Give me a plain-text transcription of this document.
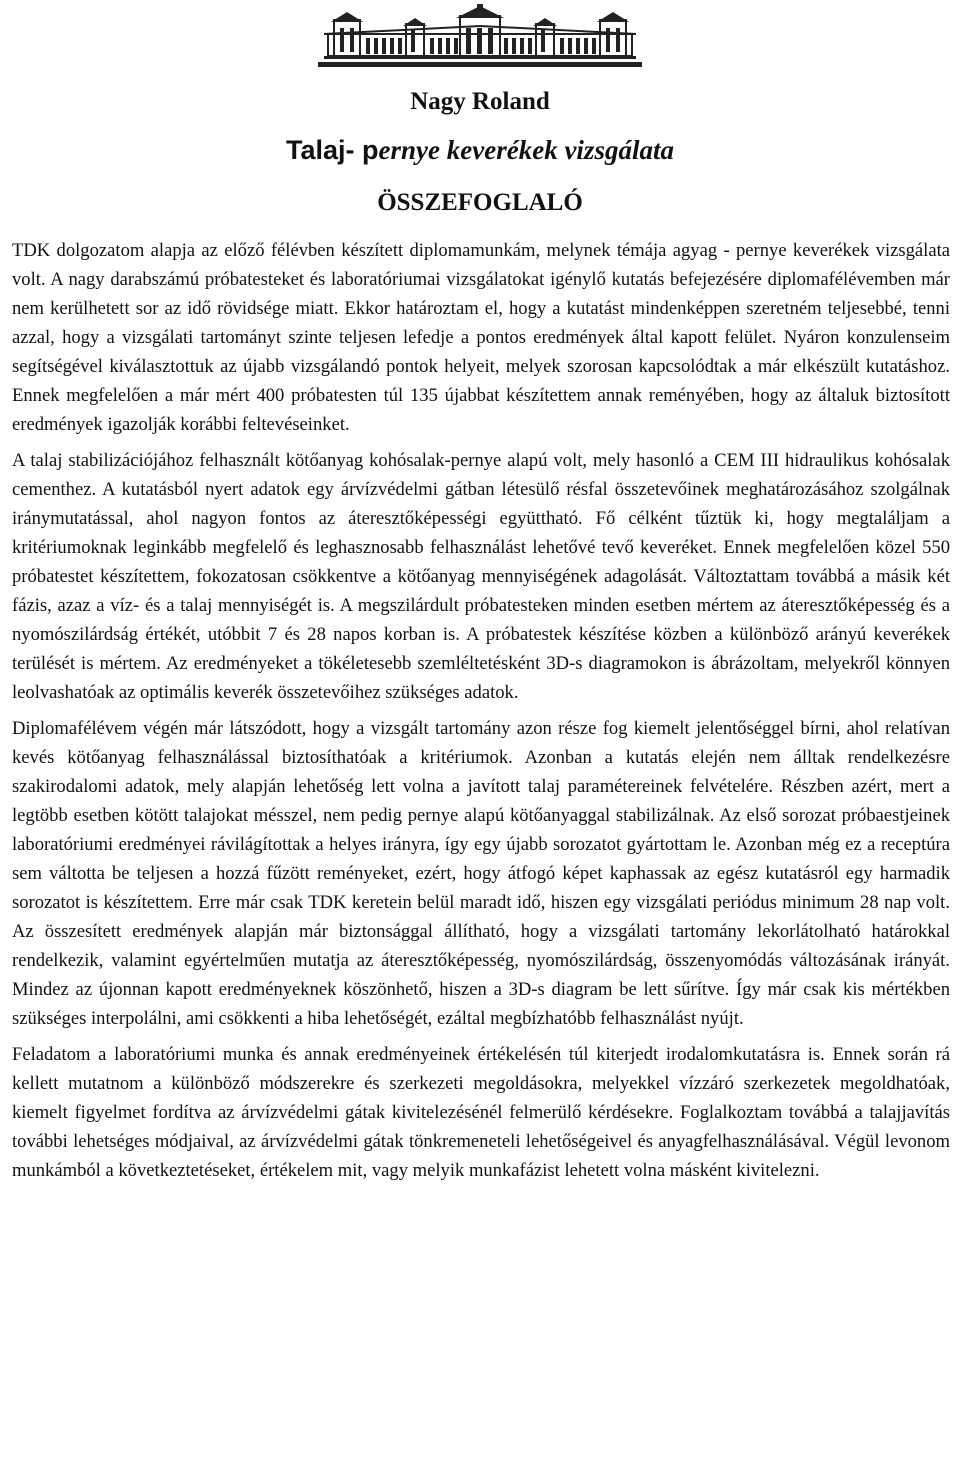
Nagy Roland
Talaj- pernye keverékek vizsgálata
ÖSSZEFOGLALÓ

TDK dolgozatom alapja az előző félévben készített diplomamunkám, melynek témája agyag - pernye keverékek vizsgálata volt. A nagy darabszámú próbatesteket és laboratóriumai vizsgálatokat igénylő kutatás befejezésére diplomafélévemben már nem kerülhetett sor az idő rövidsége miatt. Ekkor határoztam el, hogy a kutatást mindenképpen szeretném teljesebbé, tenni azzal, hogy a vizsgálati tartományt szinte teljesen lefedje a pontos eredmények által kapott felület. Nyáron konzulenseim segítségével kiválasztottuk az újabb vizsgálandó pontok helyeit, melyek szorosan kapcsolódtak a már elkészült kutatáshoz. Ennek megfelelően a már mért 400 próbatesten túl 135 újabbat készítettem annak reményében, hogy az általuk biztosított eredmények igazolják korábbi feltevéseinket.

A talaj stabilizációjához felhasznált kötőanyag kohósalak-pernye alapú volt, mely hasonló a CEM III hidraulikus kohósalak cementhez. A kutatásból nyert adatok egy árvízvédelmi gátban létesülő résfal összetevőinek meghatározásához szolgálnak iránymutatással, ahol nagyon fontos az áteresztőképességi együttható. Fő célként tűztük ki, hogy megtaláljam a kritériumoknak leginkább megfelelő és leghasznosabb felhasználást lehetővé tevő keveréket. Ennek megfelelően közel 550 próbatestet készítettem, fokozatosan csökkentve a kötőanyag mennyiségének adagolását. Változtattam továbbá a másik két fázis, azaz a víz- és a talaj mennyiségét is. A megszilárdult próbatesteken minden esetben mértem az áteresztőképesség és a nyomószilárdság értékét, utóbbit 7 és 28 napos korban is. A próbatestek készítése közben a különböző arányú keverékek terülését is mértem. Az eredményeket a tökéletesebb szemléltetésként 3D-s diagramokon is ábrázoltam, melyekről könnyen leolvashatóak az optimális keverék összetevőihez szükséges adatok.

Diplomafélévem végén már látszódott, hogy a vizsgált tartomány azon része fog kiemelt jelentőséggel bírni, ahol relatívan kevés kötőanyag felhasználással biztosíthatóak a kritériumok. Azonban a kutatás elején nem álltak rendelkezésre szakirodalomi adatok, mely alapján lehetőség lett volna a javított talaj paramétereinek felvételére. Részben azért, mert a legtöbb esetben kötött talajokat mésszel, nem pedig pernye alapú kötőanyaggal stabilizálnak. Az első sorozat próbaestjeinek laboratóriumi eredményei rávilágítottak a helyes irányra, így egy újabb sorozatot gyártottam le. Azonban még ez a receptúra sem váltotta be teljesen a hozzá fűzött reményeket, ezért, hogy átfogó képet kaphassak az egész kutatásról egy harmadik sorozatot is készítettem. Erre már csak TDK keretein belül maradt idő, hiszen egy vizsgálati periódus minimum 28 nap volt. Az összesített eredmények alapján már biztonsággal állítható, hogy a vizsgálati tartomány lekorlátolható határokkal rendelkezik, valamint egyértelműen mutatja az áteresztőképesség, nyomószilárdság, összenyomódás változásának irányát. Mindez az újonnan kapott eredményeknek köszönhető, hiszen a 3D-s diagram be lett sűrítve. Így már csak kis mértékben szükséges interpolálni, ami csökkenti a hiba lehetőségét, ezáltal megbízhatóbb felhasználást nyújt.

Feladatom a laboratóriumi munka és annak eredményeinek értékelésén túl kiterjedt irodalomkutatásra is. Ennek során rá kellett mutatnom a különböző módszerekre és szerkezeti megoldásokra, melyekkel vízzáró szerkezetek megoldhatóak, kiemelt figyelmet fordítva az árvízvédelmi gátak kivitelezésénél felmerülő kérdésekre. Foglalkoztam továbbá a talajjavítás további lehetséges módjaival, az árvízvédelmi gátak tönkremeneteli lehetőségeivel és anyagfelhasználásával. Végül levonom munkámból a következtetéseket, értékelem mit, vagy melyik munkafázist lehetett volna másként kivitelezni.
